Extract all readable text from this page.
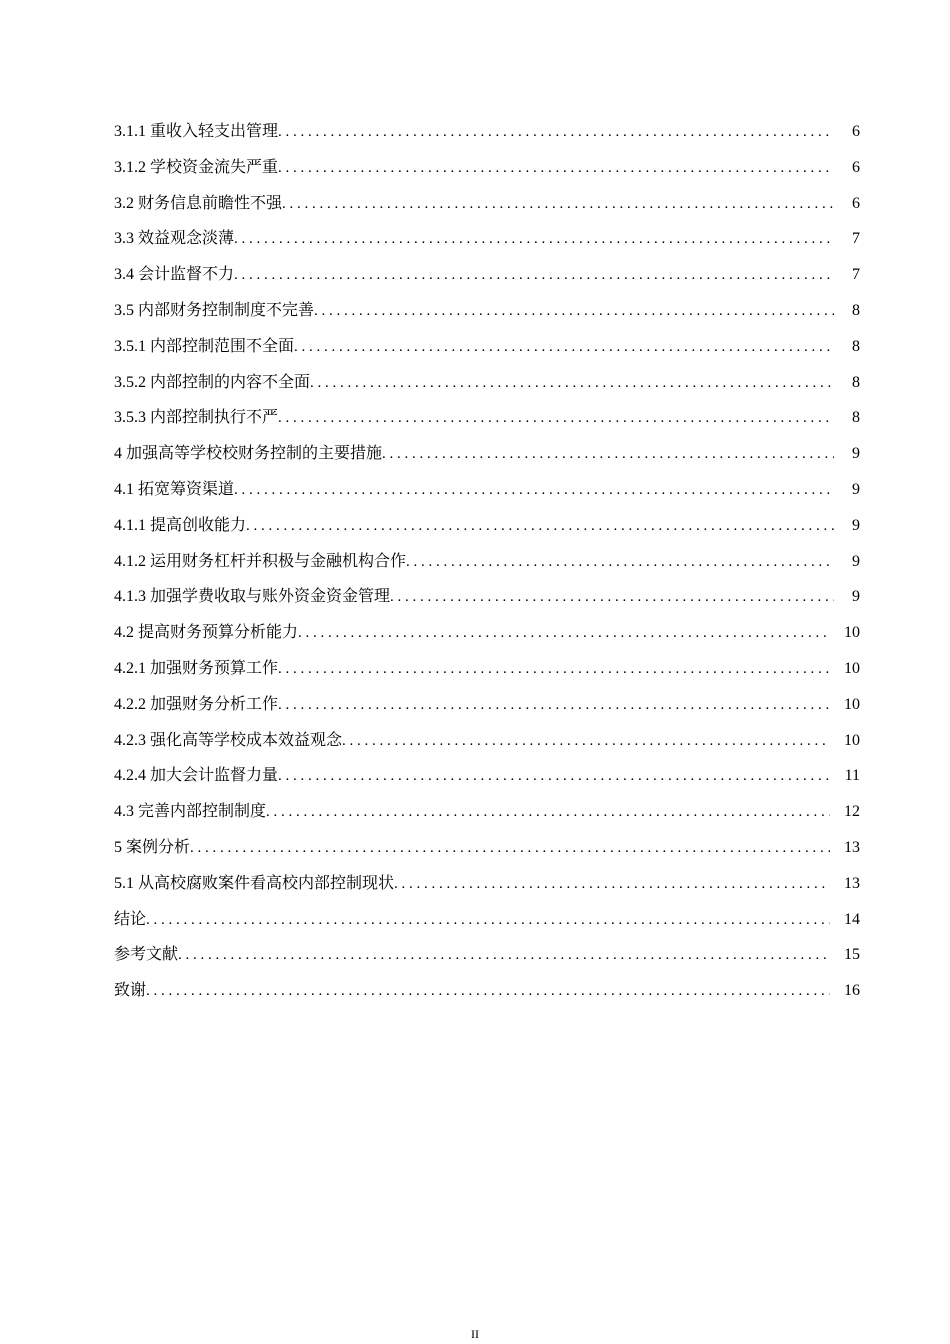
3.1.1 重收入轻支出管理 . . .	6
3.1.2 学校资金流失严重 . . .	6
3.2 财务信息前瞻性不强 . . .	6
3.3 效益观念淡薄 . . .	7
3.4 会计监督不力 . . .	7
3.5 内部财务控制制度不完善 . . .	8
3.5.1 内部控制范围不全面 . . .	8
3.5.2 内部控制的内容不全面 . . .	8
3.5.3 内部控制执行不严 . . .	8
4 加强高等学校校财务控制的主要措施 . . .	9
4.1 拓宽筹资渠道 . . .	9
4.1.1 提高创收能力 . . .	9
4.1.2 运用财务杠杆并积极与金融机构合作 . . .	9
4.1.3 加强学费收取与账外资金资金管理 . . .	9
4.2 提高财务预算分析能力 . . .	10
4.2.1 加强财务预算工作 . . .	10
4.2.2 加强财务分析工作 . . .	10
4.2.3 强化高等学校成本效益观念 . . .	10
4.2.4 加大会计监督力量 . . .	11
4.3 完善内部控制制度 . . .	12
5 案例分析 . . .	13
5.1 从高校腐败案件看高校内部控制现状 . . .	13
结论 . . .	14
参考文献 . . .	15
致谢 . . .	16
II
